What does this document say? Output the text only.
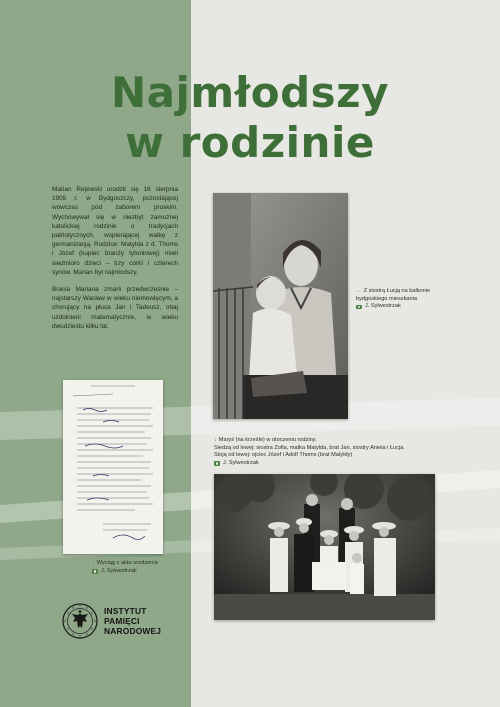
Najmłodszy
w rodzinie

Marian Rejewski urodził się 16 sierpnia 1905 r. w Bydgoszczy, pozostającej wówczas pod zaborem pruskim. Wychowywał się w niezbyt zamożnej katolickiej rodzinie o tradycjach patriotycznych, wspierającej walkę z germanizacją. Rodzice: Matylda z d. Thoms i Józef (kupiec branży tytoniowej) mieli siedmioro dzieci – trzy córki i czterech synów. Marian był najmłodszy.

Bracia Mariana zmarli przedwcześnie – najstarszy Wacław w wieku niemowlęcym, a chorujący na płuca Jan i Tadeusz, obaj uzdolnieni matematycznie, w wieku dwudziestu kilku lat.

← Z siostrą Łucją na balkonie
bydgoskiego mieszkania
J. Sylwestrzak
↑ Wyciąg z aktu urodzenia
J. Sylwestrzak
↓ Maryś (na krześle) w otoczeniu rodziny.
Siedzą od lewej: siostra Zofia, matka Matylda, brat Jan, siostry Aniela i Łucja.
Stoją od lewej: ojciec Józef i Adolf Thoms (brat Matyldy)
J. Sylwestrzak
INSTYTUT
PAMIĘCI
NARODOWEJ
